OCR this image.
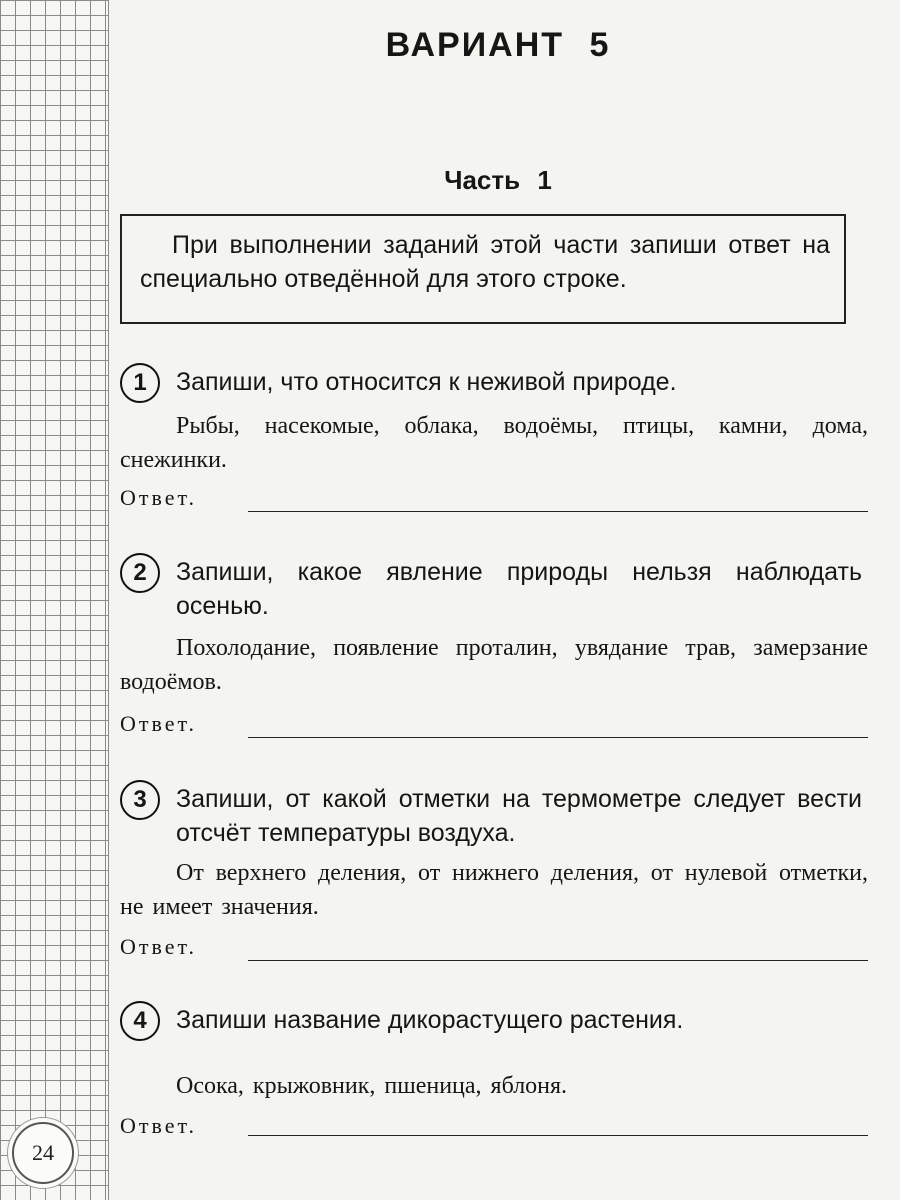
24
ВАРИАНТ 5
Часть 1
При выполнении заданий этой части запиши ответ на специально отведённой для этого строке.
1	Запиши, что относится к неживой природе.
Рыбы, насекомые, облака, водоёмы, птицы, камни, дома, снежинки.
Ответ.
2	Запиши, какое явление природы нельзя наблюдать осенью.
Похолодание, появление проталин, увядание трав, замерзание водоёмов.
Ответ.
3	Запиши, от какой отметки на термометре следует вести отсчёт температуры воздуха.
От верхнего деления, от нижнего деления, от нулевой отметки, не имеет значения.
Ответ.
4	Запиши название дикорастущего растения.
Осока, крыжовник, пшеница, яблоня.
Ответ.
